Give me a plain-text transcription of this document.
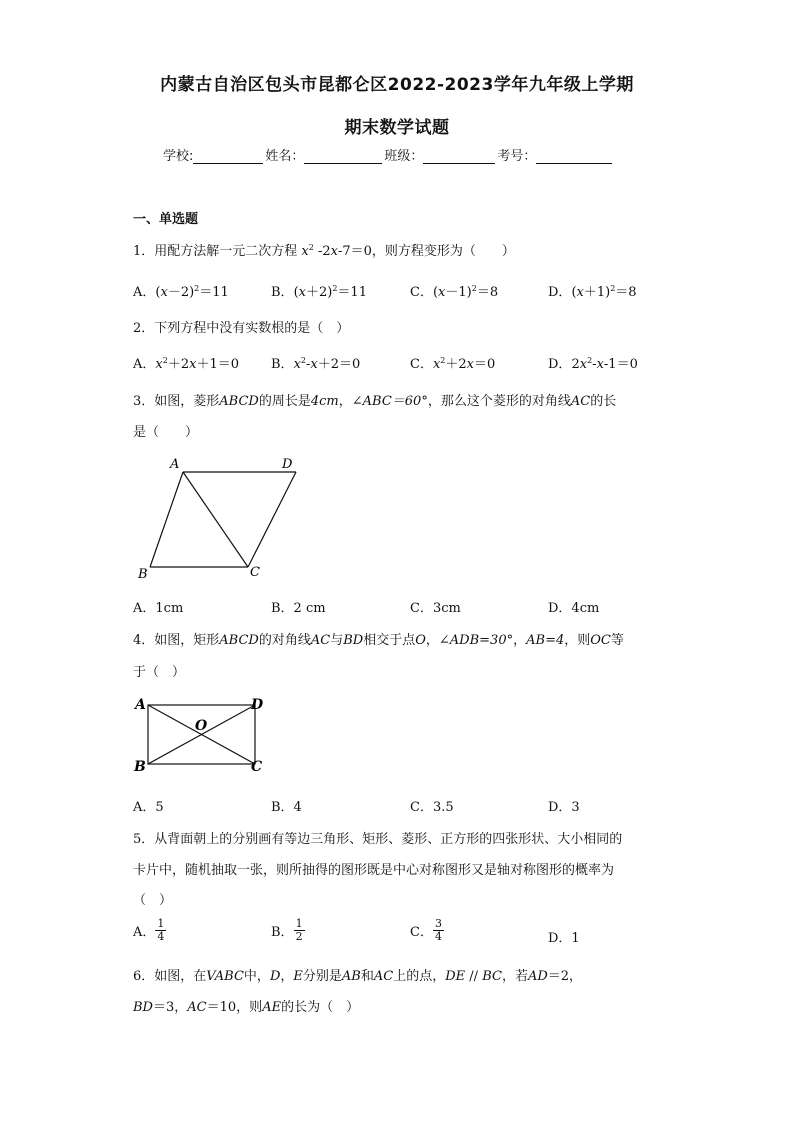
内蒙古自治区包头市昆都仑区2022-2023学年九年级上学期
期末数学试题
学校:	姓名：	班级：	考号：
一、单选题
1．用配方法解一元二次方程 $x^2$ -2x-7＝0，则方程变形为（　　）
A．$(x-2)^2=11$	B．$(x+2)^2=11$	C．$(x-1)^2=8$	D．$(x+1)^2=8$
2．下列方程中没有实数根的是（　）
A．$x^2+2x+1=0$ B．$x^2-x+2=0$	C．$x^2+2x=0$	D．$2x^2-x-1=0$
3．如图，菱形ABCD的周长是4cm，∠ABC＝60°，那么这个菱形的对角线AC的长
是（　　）
A	D
B	C
A．1cm	B．2 cm	C．3cm	D．4cm
4．如图，矩形ABCD的对角线AC与BD相交于点O，∠ADB=30°，AB=4，则OC等
于（　）
A	D
O
B	C
A．5	B．4	C．3.5	D．3
5．从背面朝上的分别画有等边三角形、矩形、菱形、正方形的四张形状、大小相同的
卡片中，随机抽取一张，则所抽得的图形既是中心对称图形又是轴对称图形的概率为
（　）
A． $\frac{1}{4}$	B． $\frac{1}{2}$	C． $\frac{3}{4}$	D．1
6．如图，在VABC中，D，E分别是AB和AC上的点，DE // BC，若AD＝2，
BD＝3，AC＝10，则AE的长为（　）
